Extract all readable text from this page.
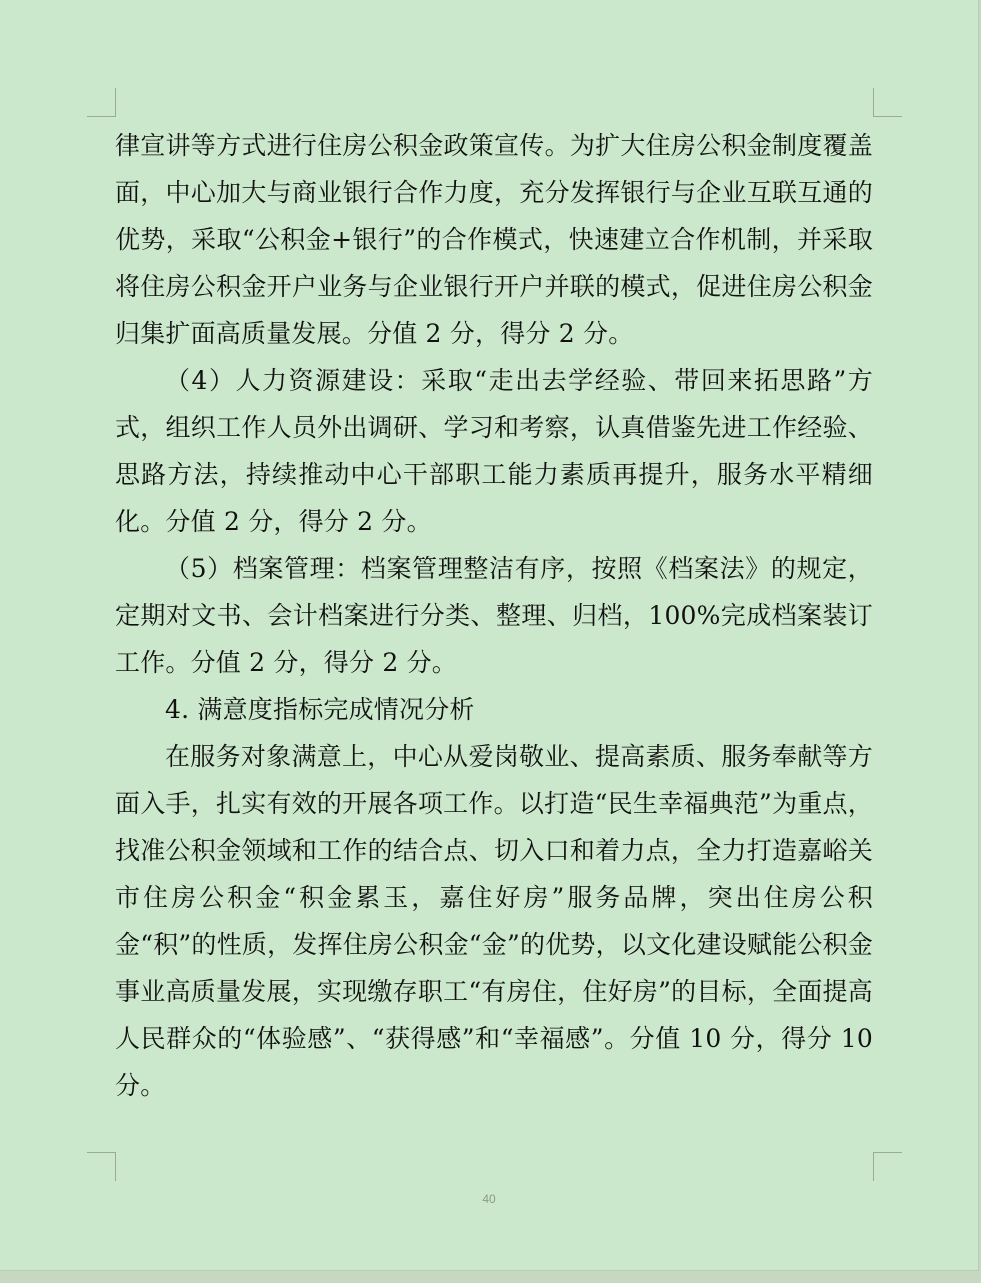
律宣讲等方式进行住房公积金政策宣传。为扩大住房公积金制度覆盖面，中心加大与商业银行合作力度，充分发挥银行与企业互联互通的优势，采取“公积金+银行”的合作模式，快速建立合作机制，并采取将住房公积金开户业务与企业银行开户并联的模式，促进住房公积金归集扩面高质量发展。分值 2 分，得分 2 分。

（4）人力资源建设：采取“走出去学经验、带回来拓思路”方式，组织工作人员外出调研、学习和考察，认真借鉴先进工作经验、思路方法，持续推动中心干部职工能力素质再提升，服务水平精细化。分值 2 分，得分 2 分。

（5）档案管理：档案管理整洁有序，按照《档案法》的规定，定期对文书、会计档案进行分类、整理、归档，100%完成档案装订工作。分值 2 分，得分 2 分。

4. 满意度指标完成情况分析

在服务对象满意上，中心从爱岗敬业、提高素质、服务奉献等方面入手，扎实有效的开展各项工作。以打造“民生幸福典范”为重点，找准公积金领域和工作的结合点、切入口和着力点，全力打造嘉峪关市住房公积金“积金累玉，嘉住好房”服务品牌，突出住房公积金“积”的性质，发挥住房公积金“金”的优势，以文化建设赋能公积金事业高质量发展，实现缴存职工“有房住，住好房”的目标，全面提高人民群众的“体验感”、“获得感”和“幸福感”。分值 10 分，得分 10 分。

40
